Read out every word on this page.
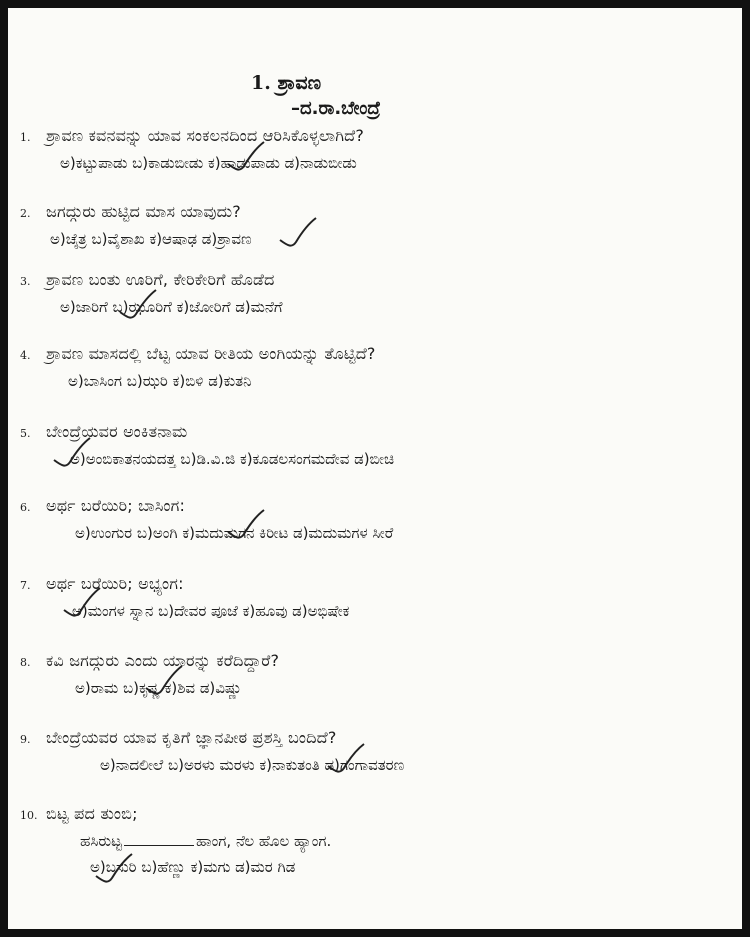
1. ಶ್ರಾವಣ
–ದ.ರಾ.ಬೇಂದ್ರೆ
1. ಶ್ರಾವಣ ಕವನವನ್ನು ಯಾವ ಸಂಕಲನದಿಂದ ಆರಿಸಿಕೊಳ್ಳಲಾಗಿದೆ?
ಅ)ಕಟ್ಟುಪಾಡು ಬ)ಕಾಡುಬೀಡು ಕ)ಹಾಡುಪಾಡು ಡ)ನಾಡುಬೀಡು
2. ಜಗದ್ಗುರು ಹುಟ್ಟಿದ ಮಾಸ ಯಾವುದು?
ಅ)ಚೈತ್ರ ಬ)ವೈಶಾಖ ಕ)ಆಷಾಢ ಡ)ಶ್ರಾವಣ
3. ಶ್ರಾವಣ ಬಂತು ಊರಿಗೆ, ಕೇರಿಕೇರಿಗೆ ಹೊಡೆದ
ಅ)ಜಾರಿಗೆ ಬ)ಝೂರಿಗೆ ಕ)ಜೋರಿಗೆ ಡ)ಮನೆಗೆ
4. ಶ್ರಾವಣ ಮಾಸದಲ್ಲಿ ಬೆಟ್ಟ ಯಾವ ರೀತಿಯ ಅಂಗಿಯನ್ನು ತೊಟ್ಟಿದೆ?
ಅ)ಬಾಸಿಂಗ ಬ)ಝರಿ ಕ)ಬಿಳಿ ಡ)ಕುತನಿ
5. ಬೇಂದ್ರೆಯವರ ಅಂಕಿತನಾಮ
ಅ)ಅಂಬಿಕಾತನಯದತ್ತ ಬ)ಡಿ.ವಿ.ಜಿ ಕ)ಕೂಡಲಸಂಗಮದೇವ ಡ)ಬೀಚಿ
6. ಅರ್ಥ ಬರೆಯಿರಿ; ಬಾಸಿಂಗ:
ಅ)ಉಂಗುರ ಬ)ಅಂಗಿ ಕ)ಮದುಮಗನ ಕಿರೀಟ ಡ)ಮದುಮಗಳ ಸೀರೆ
7. ಅರ್ಥ ಬರೆಯಿರಿ; ಅಭ್ಯಂಗ:
ಅ)ಮಂಗಳ ಸ್ನಾನ ಬ)ದೇವರ ಪೂಜೆ ಕ)ಹೂವು ಡ)ಅಭಿಷೇಕ
8. ಕವಿ ಜಗದ್ಗುರು ಎಂದು ಯಾರನ್ನು ಕರೆದಿದ್ದಾರೆ?
ಅ)ರಾಮ ಬ)ಕೃಷ್ಣ ಕ)ಶಿವ ಡ)ವಿಷ್ಣು
9. ಬೇಂದ್ರೆಯವರ ಯಾವ ಕೃತಿಗೆ ಜ್ಞಾನಪೀಠ ಪ್ರಶಸ್ತಿ ಬಂದಿದೆ?
ಅ)ನಾದಲೀಲೆ ಬ)ಅರಳು ಮರಳು ಕ)ನಾಕುತಂತಿ ಡ)ಗಂಗಾವತರಣ
10. ಬಿಟ್ಟ ಪದ ತುಂಬಿ;
ಹಸಿರುಟ್ಟ	ಹಾಂಗ, ನೆಲ ಹೊಲ ಹ್ಯಾಂಗ.
ಅ)ಬಸುರಿ ಬ)ಹೆಣ್ಣು ಕ)ಮಗು ಡ)ಮರ ಗಿಡ
